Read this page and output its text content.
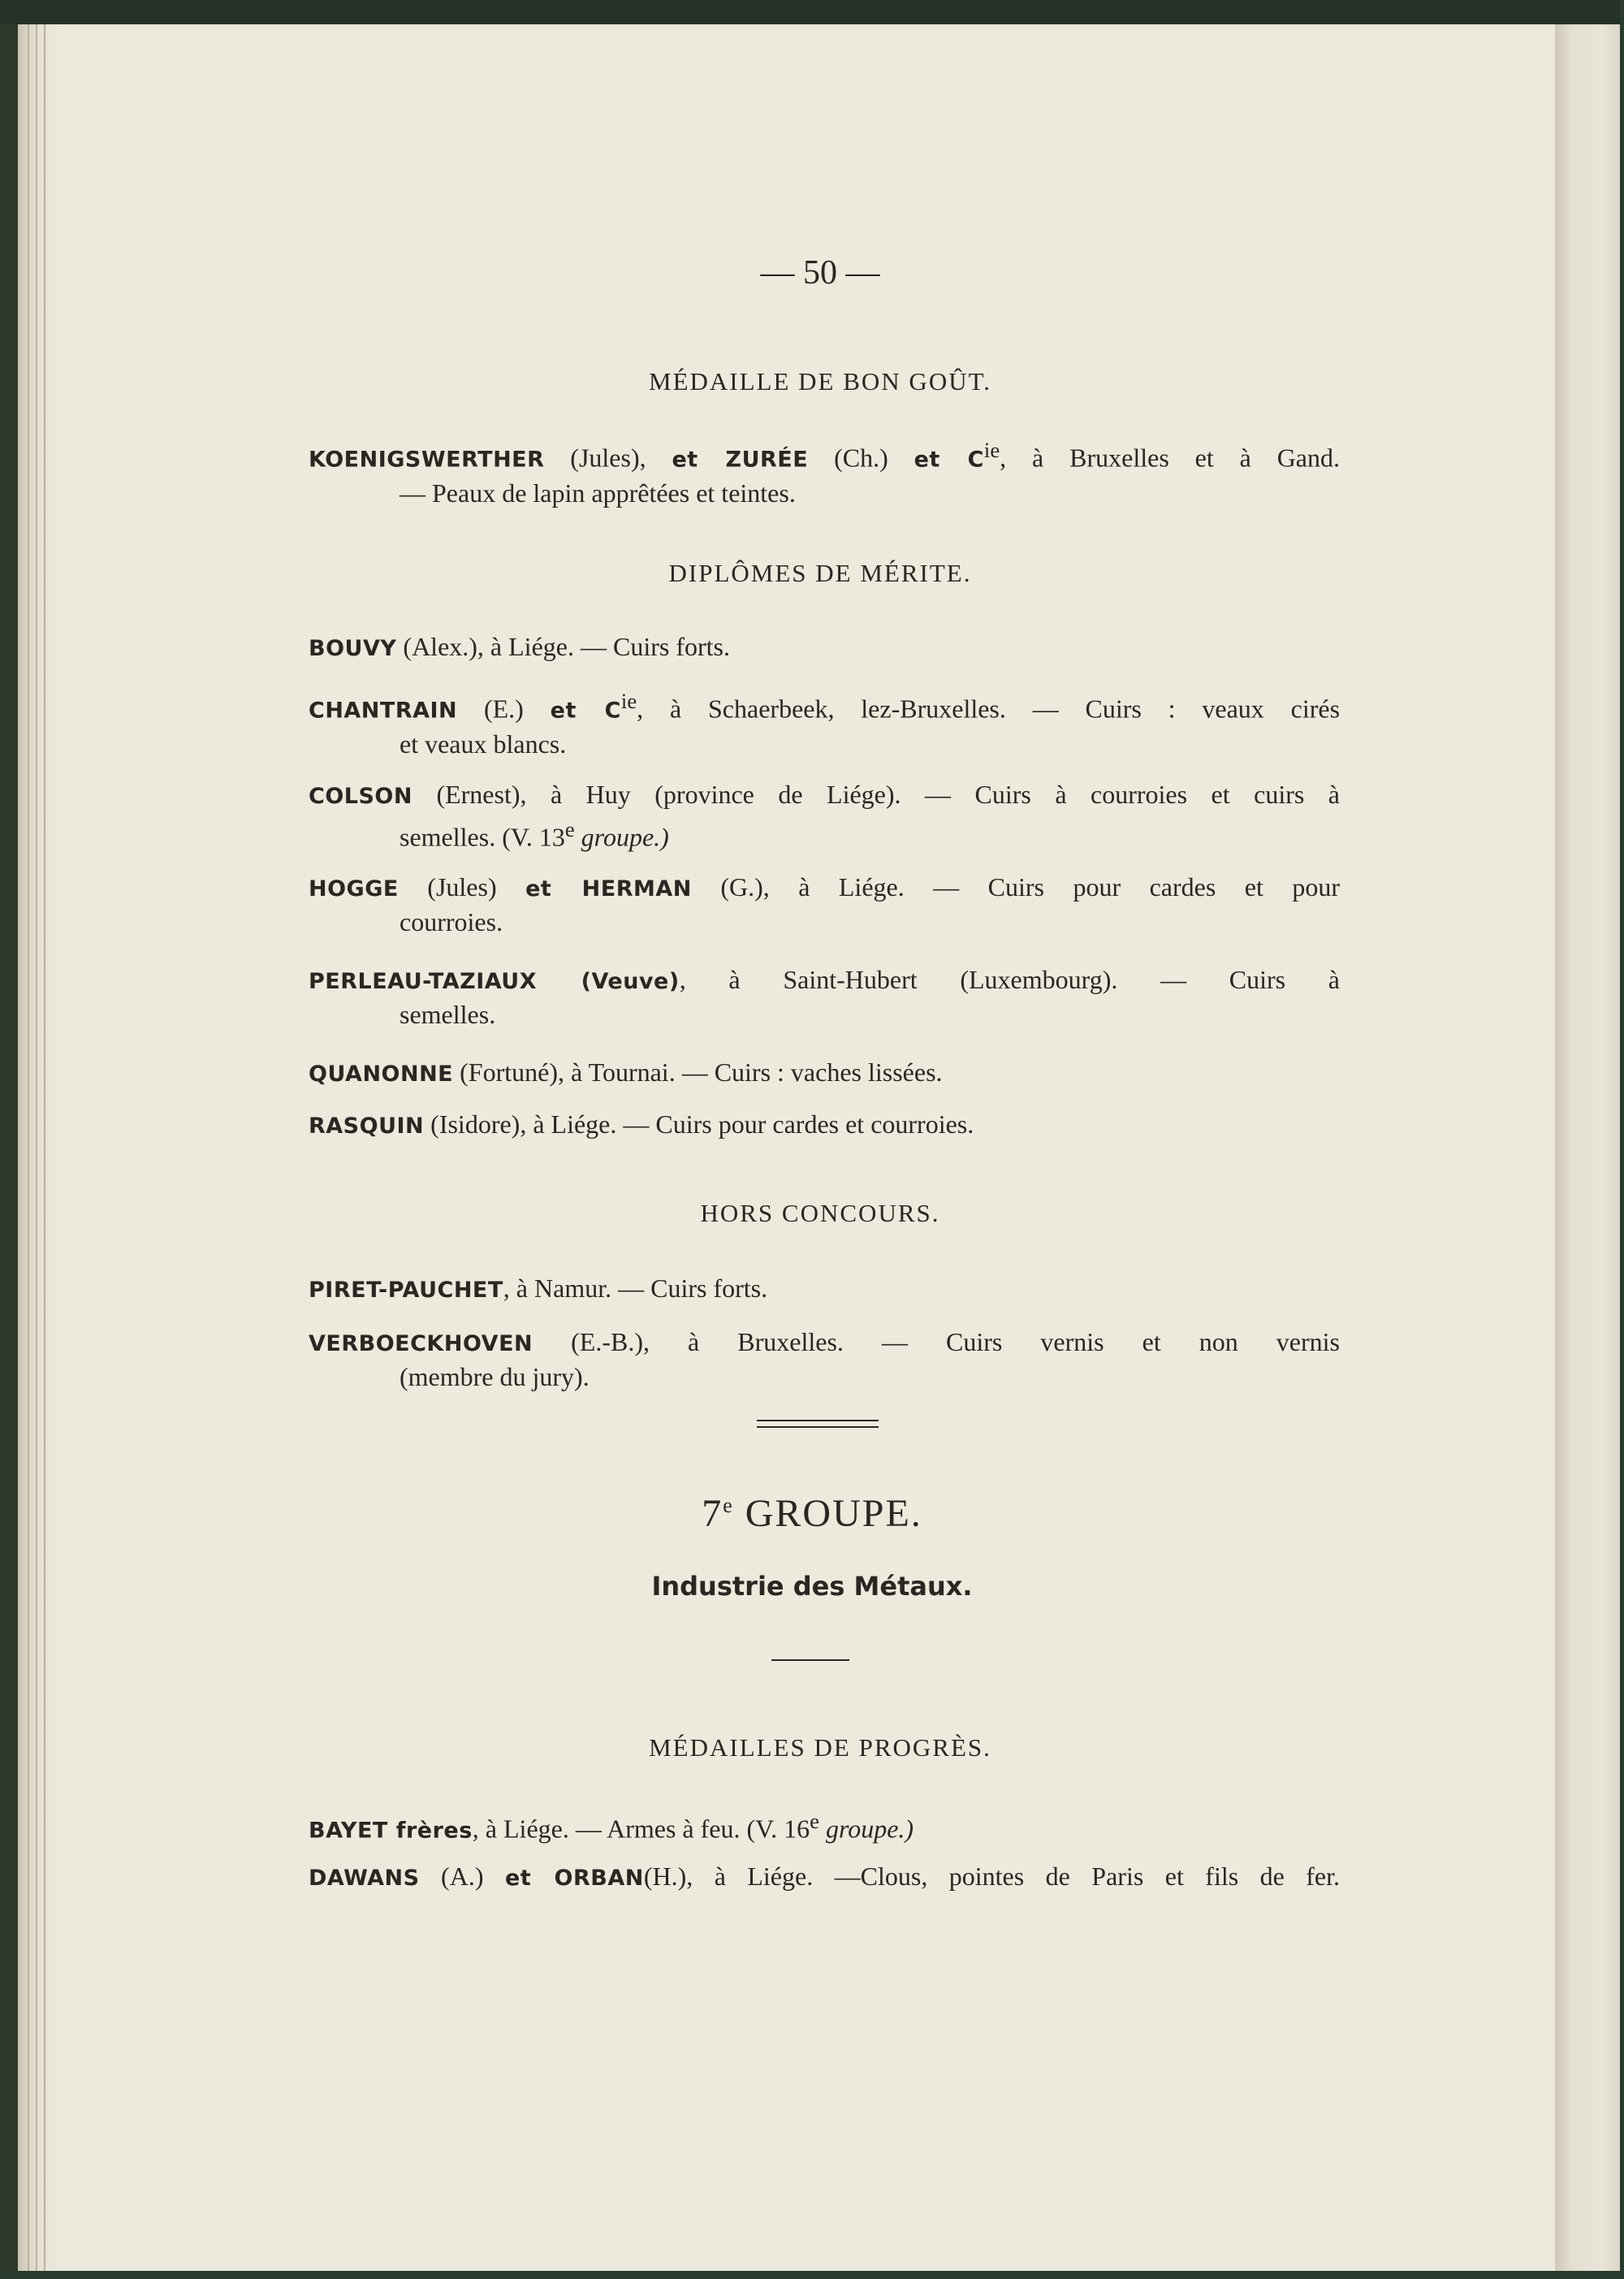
— 50 —
MÉDAILLE DE BON GOÛT.
KOENIGSWERTHER (Jules), et ZURÉE (Ch.) et $C^{ie}$, à Bruxelles et à Gand.
— Peaux de lapin apprêtées et teintes.
DIPLÔMES DE MÉRITE.
BOUVY (Alex.), à Liége. — Cuirs forts.
CHANTRAIN (E.) et $C^{ie}$, à Schaerbeek, lez-Bruxelles. — Cuirs : veaux cirés
et veaux blancs.
COLSON (Ernest), à Huy (province de Liége). — Cuirs à courroies et cuirs à
semelles. (V. 13e groupe.)
HOGGE (Jules) et HERMAN (G.), à Liége. — Cuirs pour cardes et pour
courroies.
PERLEAU-TAZIAUX (Veuve), à Saint-Hubert (Luxembourg). — Cuirs à
semelles.
QUANONNE (Fortuné), à Tournai. — Cuirs : vaches lissées.
RASQUIN (Isidore), à Liége. — Cuirs pour cardes et courroies.
HORS CONCOURS.
PIRET-PAUCHET, à Namur. — Cuirs forts.
VERBOECKHOVEN (E.-B.), à Bruxelles. — Cuirs vernis et non vernis
(membre du jury).
7e GROUPE.
Industrie des Métaux.
MÉDAILLES DE PROGRÈS.
BAYET frères, à Liége. — Armes à feu. (V. 16e groupe.)
DAWANS (A.) et ORBAN(H.), à Liége. —Clous, pointes de Paris et fils de fer.
